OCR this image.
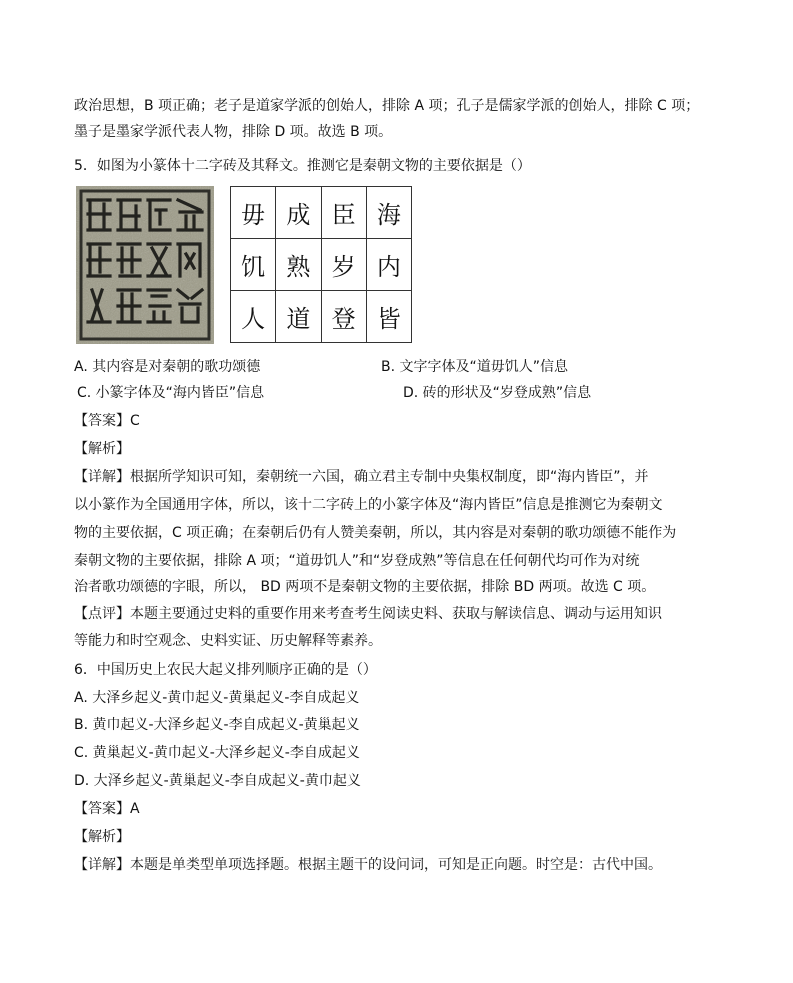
政治思想，B 项正确；老子是道家学派的创始人，排除 A 项；孔子是儒家学派的创始人，排除 C 项；
墨子是墨家学派代表人物，排除 D 项。故选 B 项。
5．如图为小篆体十二字砖及其释文。推测它是秦朝文物的主要依据是（）
毋	成	臣	海
饥	熟	岁	内
人	道	登	皆
A. 其内容是对秦朝的歌功颂德	B. 文字字体及“道毋饥人”信息
C. 小篆字体及“海内皆臣”信息	D. 砖的形状及“岁登成熟”信息
【答案】C
【解析】
【详解】根据所学知识可知，秦朝统一六国，确立君主专制中央集权制度，即“海内皆臣”，并
以小篆作为全国通用字体，所以，该十二字砖上的小篆字体及“海内皆臣”信息是推测它为秦朝文
物的主要依据，C 项正确；在秦朝后仍有人赞美秦朝，所以，其内容是对秦朝的歌功颂德不能作为
秦朝文物的主要依据，排除 A 项；“道毋饥人”和“岁登成熟”等信息在任何朝代均可作为对统
治者歌功颂德的字眼，所以， BD 两项不是秦朝文物的主要依据，排除 BD 两项。故选 C 项。
【点评】本题主要通过史料的重要作用来考查考生阅读史料、获取与解读信息、调动与运用知识
等能力和时空观念、史料实证、历史解释等素养。
6．中国历史上农民大起义排列顺序正确的是（）
A. 大泽乡起义-黄巾起义-黄巢起义-李自成起义
B. 黄巾起义-大泽乡起义-李自成起义-黄巢起义
C. 黄巢起义-黄巾起义-大泽乡起义-李自成起义
D. 大泽乡起义-黄巢起义-李自成起义-黄巾起义
【答案】A
【解析】
【详解】本题是单类型单项选择题。根据主题干的设问词，可知是正向题。时空是：古代中国。
